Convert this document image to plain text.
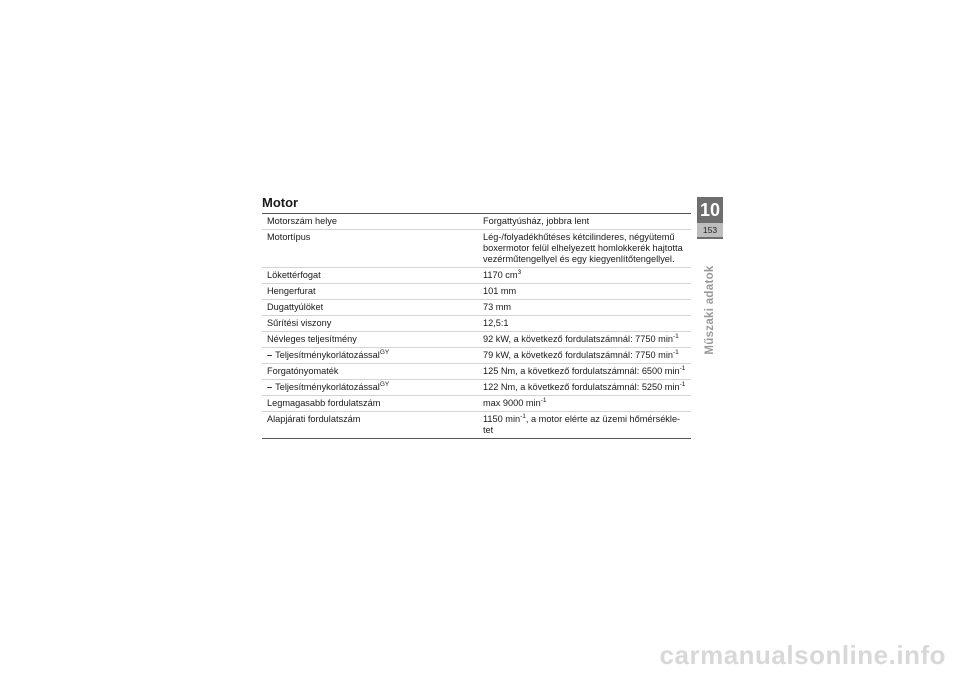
Motor
Motorszám helye	Forgattyúsház, jobbra lent
Motortípus	Lég-/folyadékhűtéses kétcilinderes, négyütemű boxermotor felül elhelyezett homlokkerék hajtotta vezérműtengellyel és egy kiegyenlítőtengellyel.
Lökettérfogat	1170 $cm^3$
Hengerfurat	101 mm
Dugattyúlöket	73 mm
Sűrítési viszony	12,5:1
Névleges teljesítmény	92 kW, a következő fordulatszámnál: 7750 $\min^{-1}$
– Teljesítménykorlátozással$^{GY}$	79 kW, a következő fordulatszámnál: 7750 $\min^{-1}$
Forgatónyomaték	125 Nm, a következő fordulatszámnál: 6500 $\min^{-1}$
– Teljesítménykorlátozással$^{GY}$	122 Nm, a következő fordulatszámnál: 5250 $\min^{-1}$
Legmagasabb fordulatszám	max 9000 $\min^{-1}$
Alapjárati fordulatszám	1150 $\min^{-1}$, a motor elérte az üzemi hőmérsékle-tet
10
153
Műszaki adatok
carmanualsonline.info
